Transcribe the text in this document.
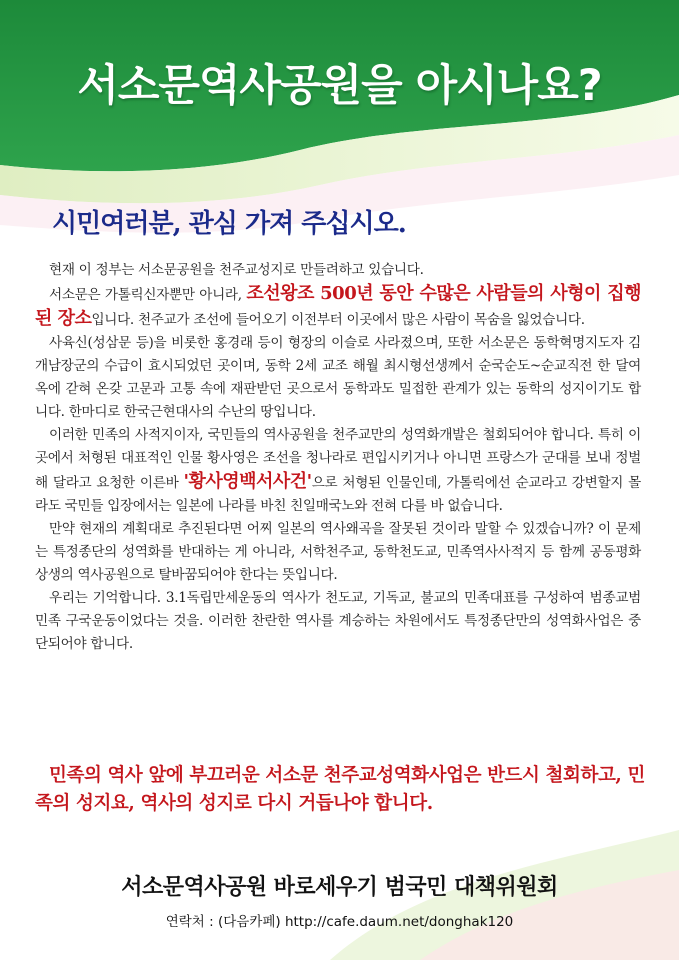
서소문역사공원을 아시나요?
시민여러분, 관심 가져 주십시오.

현재 이 정부는 서소문공원을 천주교성지로 만들려하고 있습니다.

서소문은 가톨릭신자뿐만 아니라, 조선왕조 500년 동안 수많은 사람들의 사형이 집행된 장소입니다. 천주교가 조선에 들어오기 이전부터 이곳에서 많은 사람이 목숨을 잃었습니다.

사육신(성삼문 등)을 비롯한 홍경래 등이 형장의 이슬로 사라졌으며, 또한 서소문은 동학혁명지도자 김개남장군의 수급이 효시되었던 곳이며, 동학 2세 교조 해월 최시형선생께서 순국순도~순교직전 한 달여 옥에 갇혀 온갖 고문과 고통 속에 재판받던 곳으로서 동학과도 밀접한 관계가 있는 동학의 성지이기도 합니다. 한마디로 한국근현대사의 수난의 땅입니다.

이러한 민족의 사적지이자, 국민들의 역사공원을 천주교만의 성역화개발은 철회되어야 합니다. 특히 이곳에서 처형된 대표적인 인물 황사영은 조선을 청나라로 편입시키거나 아니면 프랑스가 군대를 보내 정벌해 달라고 요청한 이른바 '황사영백서사건'으로 처형된 인물인데, 가톨릭에선 순교라고 강변할지 몰라도 국민들 입장에서는 일본에 나라를 바친 친일매국노와 전혀 다를 바 없습니다.

만약 현재의 계획대로 추진된다면 어찌 일본의 역사왜곡을 잘못된 것이라 말할 수 있겠습니까? 이 문제는 특정종단의 성역화를 반대하는 게 아니라, 서학천주교, 동학천도교, 민족역사사적지 등 함께 공동평화상생의 역사공원으로 탈바꿈되어야 한다는 뜻입니다.

우리는 기억합니다. 3.1독립만세운동의 역사가 천도교, 기독교, 불교의 민족대표를 구성하여 범종교범민족 구국운동이었다는 것을. 이러한 찬란한 역사를 계승하는 차원에서도 특정종단만의 성역화사업은 중단되어야 합니다.

민족의 역사 앞에 부끄러운 서소문 천주교성역화사업은 반드시 철회하고, 민족의 성지요, 역사의 성지로 다시 거듭나야 합니다.

서소문역사공원 바로세우기 범국민 대책위원회
연락처 : (다음카페) http://cafe.daum.net/donghak120
